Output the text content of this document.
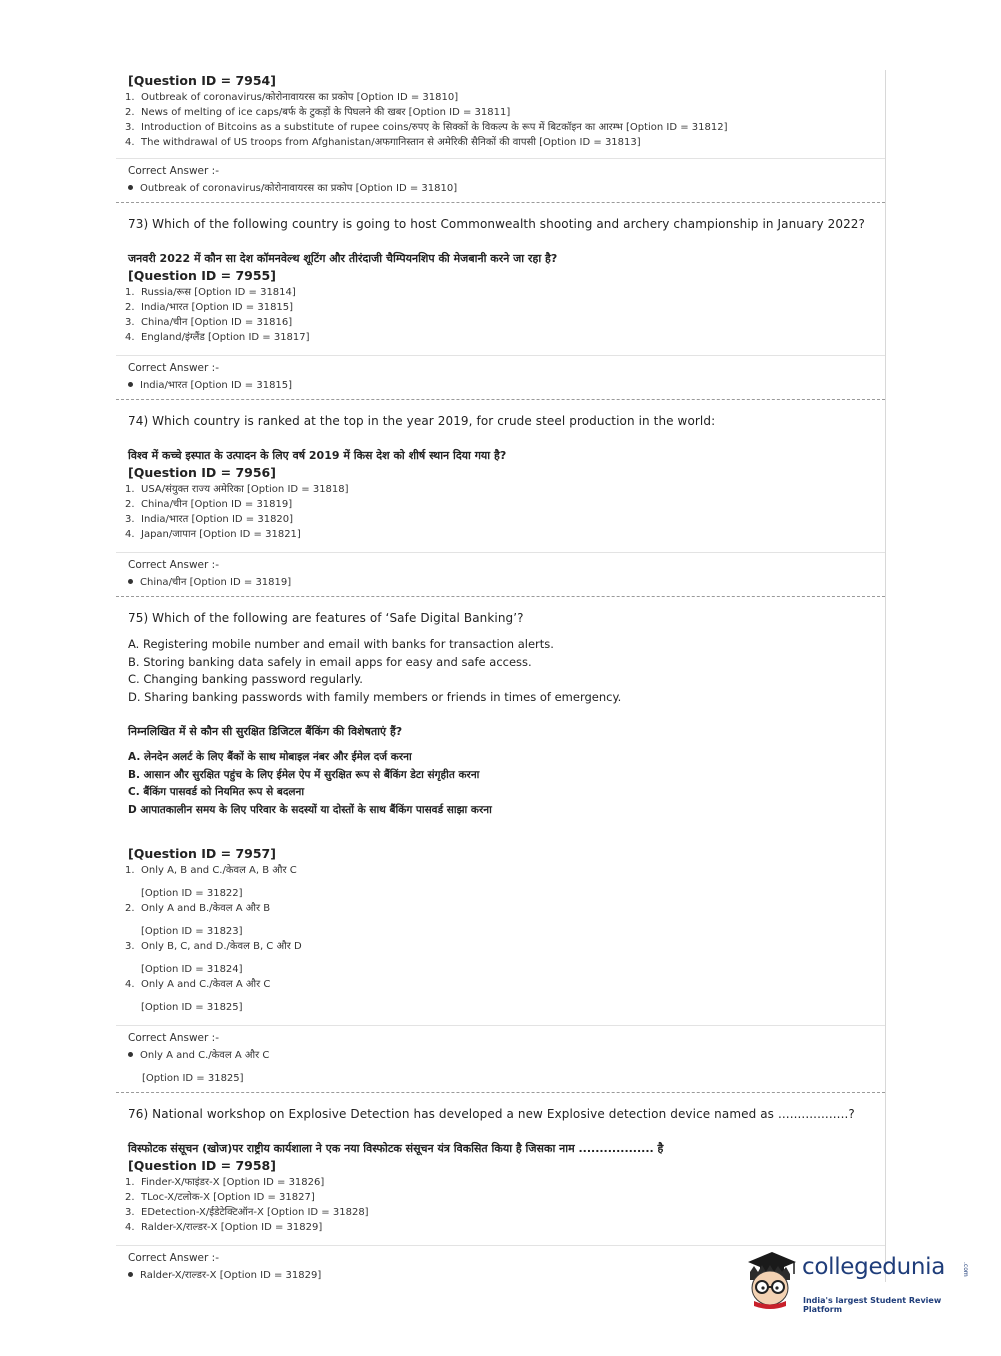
[Question ID = 7954]
1. Outbreak of coronavirus/कोरोनावायरस का प्रकोप [Option ID = 31810]
2. News of melting of ice caps/बर्फ के टुकड़ों के पिघलने की खबर [Option ID = 31811]
3. Introduction of Bitcoins as a substitute of rupee coins/रुपए के सिक्कों के विकल्प के रूप में बिटकॉइन का आरम्भ [Option ID = 31812]
4. The withdrawal of US troops from Afghanistan/अफगानिस्तान से अमेरिकी सैनिकों की वापसी [Option ID = 31813]
Correct Answer :-
Outbreak of coronavirus/कोरोनावायरस का प्रकोप [Option ID = 31810]
73) Which of the following country is going to host Commonwealth shooting and archery championship in January 2022?
जनवरी 2022 में कौन सा देश कॉमनवेल्थ शूटिंग और तीरंदाजी चैम्पियनशिप की मेजबानी करने जा रहा है?
[Question ID = 7955]
1. Russia/रूस [Option ID = 31814]
2. India/भारत [Option ID = 31815]
3. China/चीन [Option ID = 31816]
4. England/इंग्लैंड [Option ID = 31817]
Correct Answer :-
India/भारत [Option ID = 31815]
74) Which country is ranked at the top in the year 2019, for crude steel production in the world:
विश्व में कच्चे इस्पात के उत्पादन के लिए वर्ष 2019 में किस देश को शीर्ष स्थान दिया गया है?
[Question ID = 7956]
1. USA/संयुक्त राज्य अमेरिका [Option ID = 31818]
2. China/चीन [Option ID = 31819]
3. India/भारत [Option ID = 31820]
4. Japan/जापान [Option ID = 31821]
Correct Answer :-
China/चीन [Option ID = 31819]
75) Which of the following are features of ‘Safe Digital Banking’?
A. Registering mobile number and email with banks for transaction alerts.
B. Storing banking data safely in email apps for easy and safe access.
C. Changing banking password regularly.
D. Sharing banking passwords with family members or friends in times of emergency.
निम्नलिखित में से कौन सी सुरक्षित डिजिटल बैंकिंग की विशेषताएं हैं?
A. लेनदेन अलर्ट के लिए बैंकों के साथ मोबाइल नंबर और ईमेल दर्ज करना
B. आसान और सुरक्षित पहुंच के लिए ईमेल ऐप में सुरक्षित रूप से बैंकिंग डेटा संगृहीत करना
C. बैंकिंग पासवर्ड को नियमित रूप से बदलना
D आपातकालीन समय के लिए परिवार के सदस्यों या दोस्तों के साथ बैंकिंग पासवर्ड साझा करना
[Question ID = 7957]
1. Only A, B and C./केवल A, B और C
[Option ID = 31822]
2. Only A and B./केवल A और B
[Option ID = 31823]
3. Only B, C, and D./केवल B, C और D
[Option ID = 31824]
4. Only A and C./केवल A और C
[Option ID = 31825]
Correct Answer :-
Only A and C./केवल A और C
[Option ID = 31825]
76) National workshop on Explosive Detection has developed a new Explosive detection device named as ..................?
विस्फोटक संसूचन (खोज)पर राष्ट्रीय कार्यशाला ने एक नया विस्फोटक संसूचन यंत्र विकसित किया है जिसका नाम .................. है
[Question ID = 7958]
1. Finder-X/फाइंडर-X [Option ID = 31826]
2. TLoc-X/टलोक-X [Option ID = 31827]
3. EDetection-X/ईडेटेक्टिऑन-X [Option ID = 31828]
4. Ralder-X/राल्डर-X [Option ID = 31829]
Correct Answer :-
Ralder-X/राल्डर-X [Option ID = 31829]	collegedunia	.com
India's largest Student Review Platform
